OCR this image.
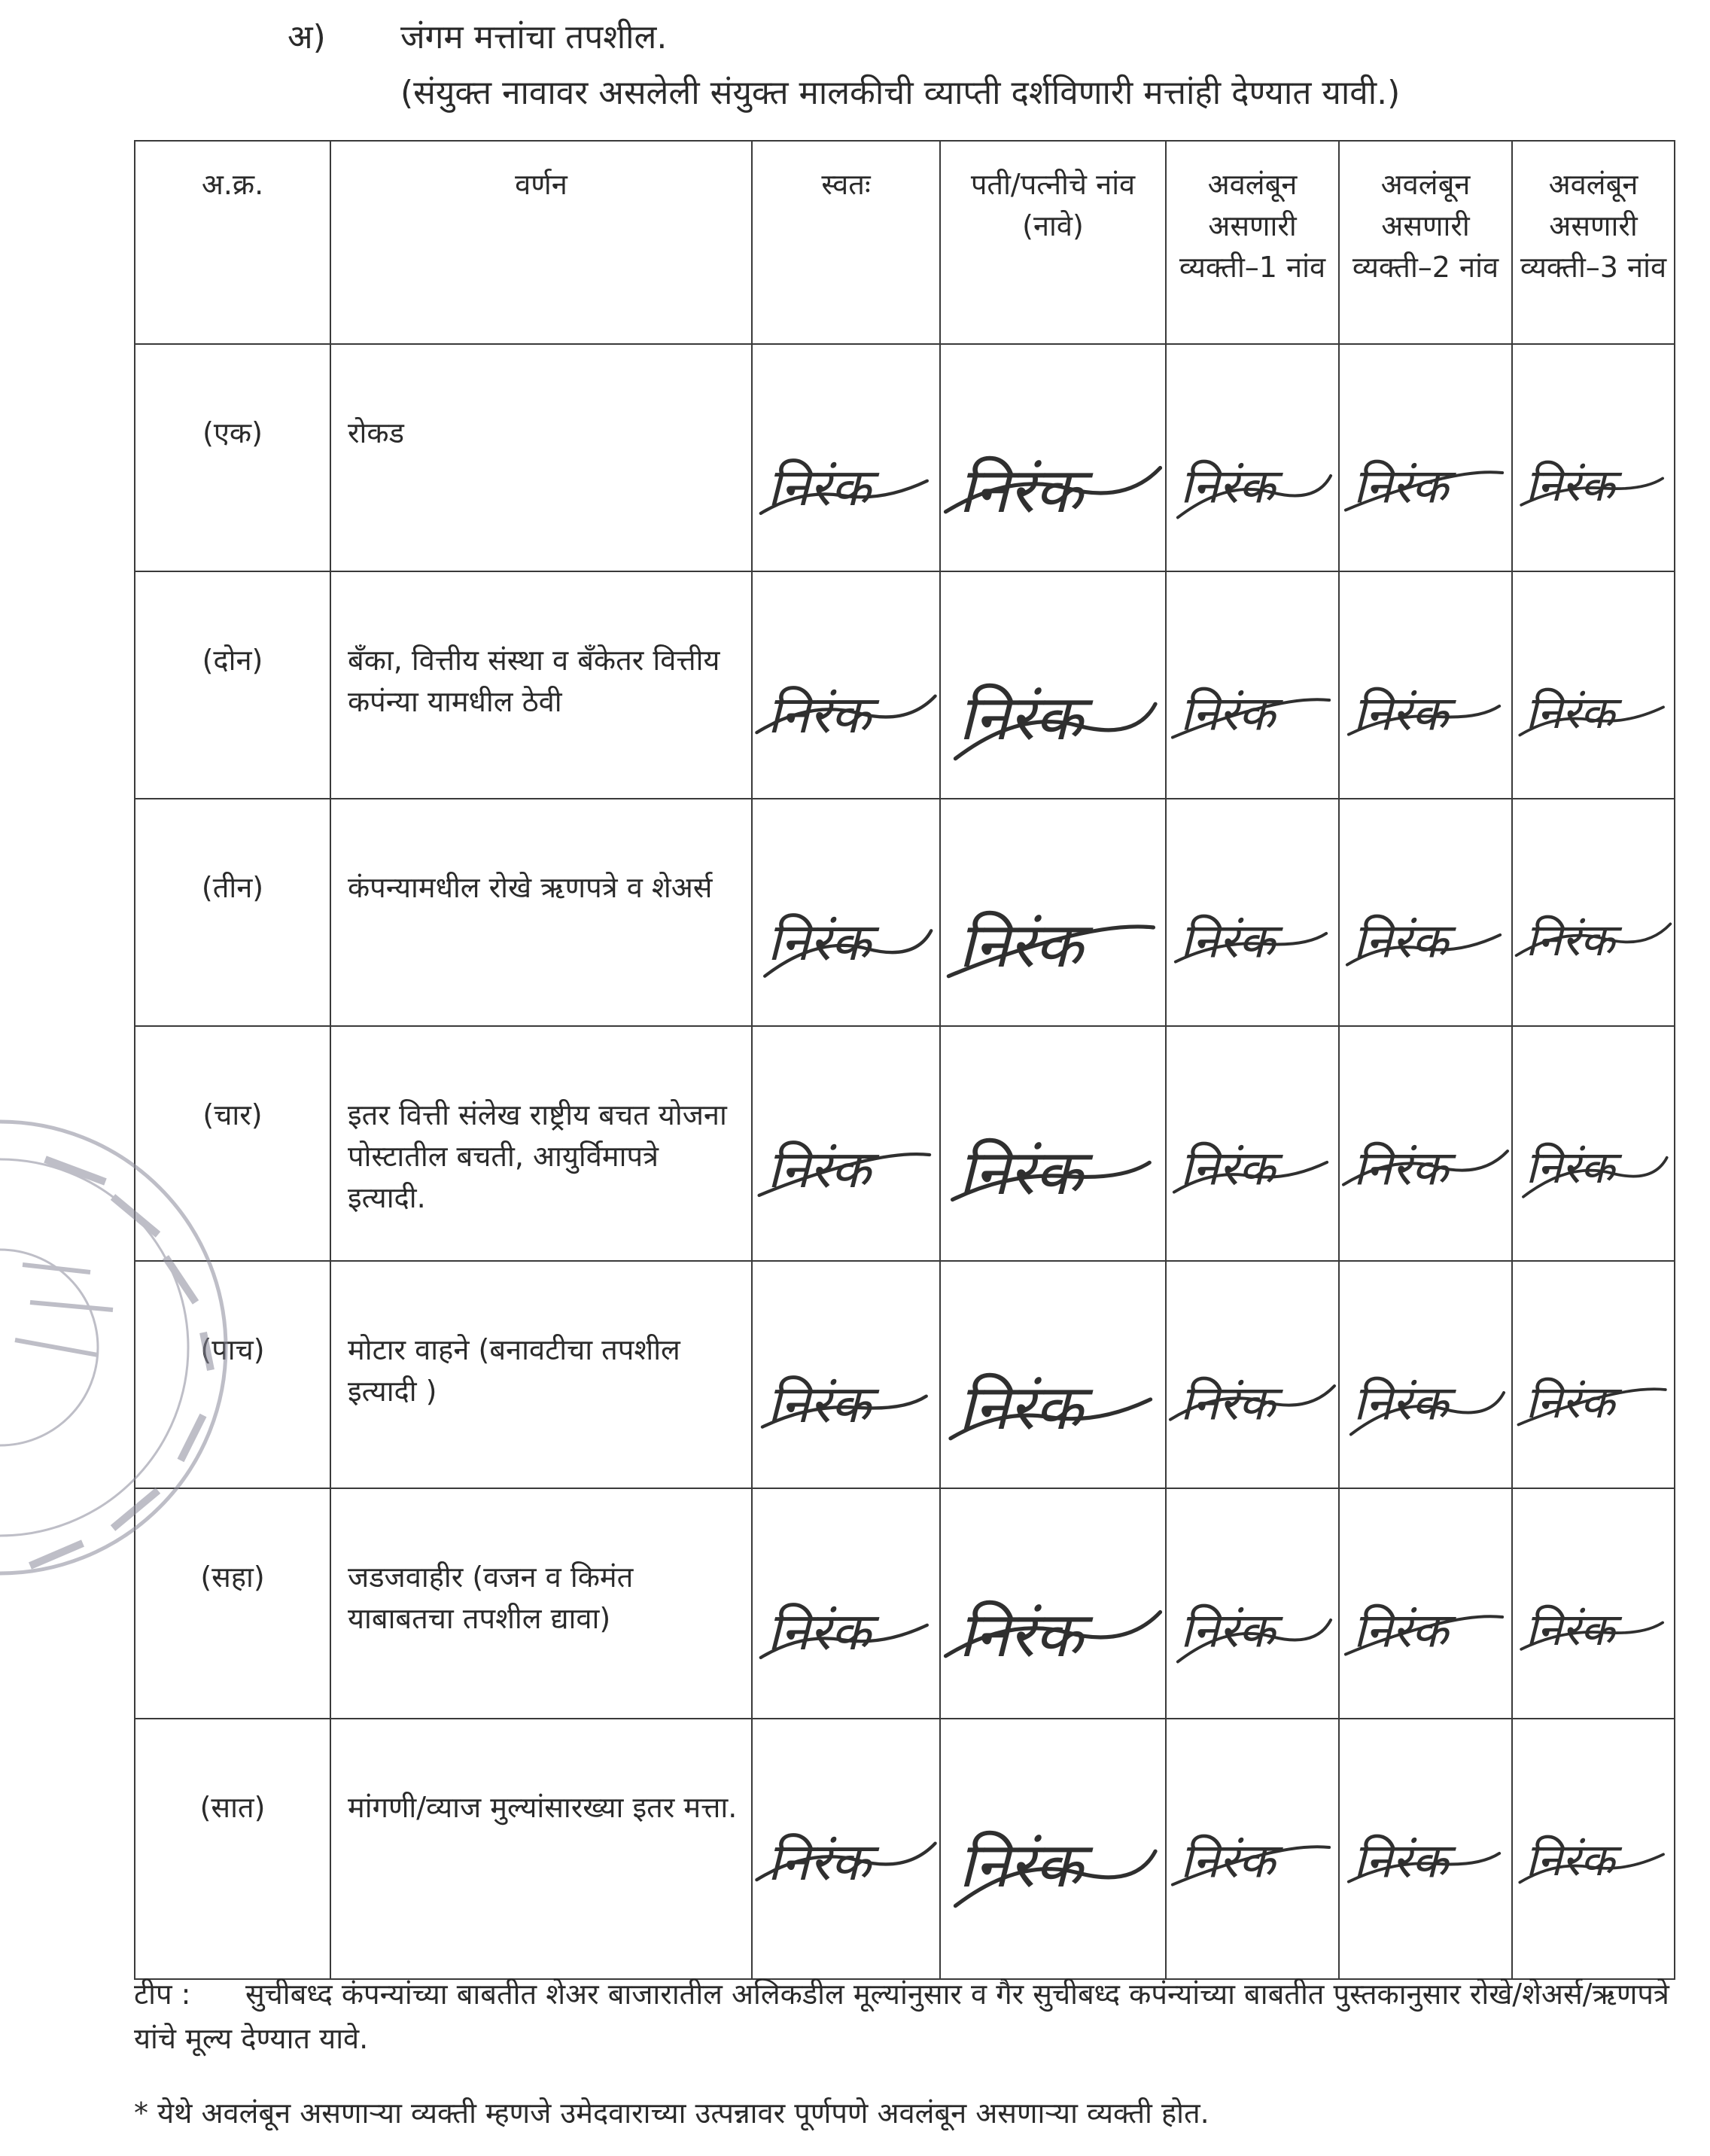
अ) जंगम मत्तांचा तपशील.
(संयुक्त नावावर असलेली संयुक्त मालकीची व्याप्ती दर्शविणारी मत्तांही देण्यात यावी.)
अ.क्र.	वर्णन	स्वतः	पती/पत्नीचे नांव (नावे)	अवलंबून असणारी व्यक्ती–1 नांव	अवलंबून असणारी व्यक्ती–2 नांव	अवलंबून असणारी व्यक्ती–3 नांव
(एक)	रोकड	निरंक	निरंक	निरंक	निरंक	निरंक

(दोन)	बँका, वित्तीय संस्था व बँकेतर वित्तीय कपंन्या यामधील ठेवी	निरंक	निरंक	निरंक	निरंक	निरंक

(तीन)	कंपन्यामधील रोखे ऋणपत्रे व शेअर्स	निरंक	निरंक	निरंक	निरंक	निरंक

(चार)	इतर वित्ती संलेख राष्ट्रीय बचत योजना पोस्टातील बचती, आयुर्विमापत्रे इत्यादी.	निरंक	निरंक	निरंक	निरंक	निरंक

(पाच)	मोटार वाहने (बनावटीचा तपशील इत्यादी )	निरंक	निरंक	निरंक	निरंक	निरंक

(सहा)	जडजवाहीर (वजन व किमंत याबाबतचा तपशील द्यावा)	निरंक	निरंक	निरंक	निरंक	निरंक

(सात)	मांगणी/व्याज मुल्यांसारख्या इतर मत्ता.	निरंक	निरंक	निरंक	निरंक	निरंक
टीप : सुचीबध्द कंपन्यांच्या बाबतीत शेअर बाजारातील अलिकडील मूल्यांनुसार व गैर सुचीबध्द कपंन्यांच्या बाबतीत पुस्तकानुसार रोखे/शेअर्स/ऋणपत्रे यांचे मूल्य देण्यात यावे.
* येथे अवलंबून असणाऱ्या व्यक्ती म्हणजे उमेदवाराच्या उत्पन्नावर पूर्णपणे अवलंबून असणाऱ्या व्यक्ती होत.
